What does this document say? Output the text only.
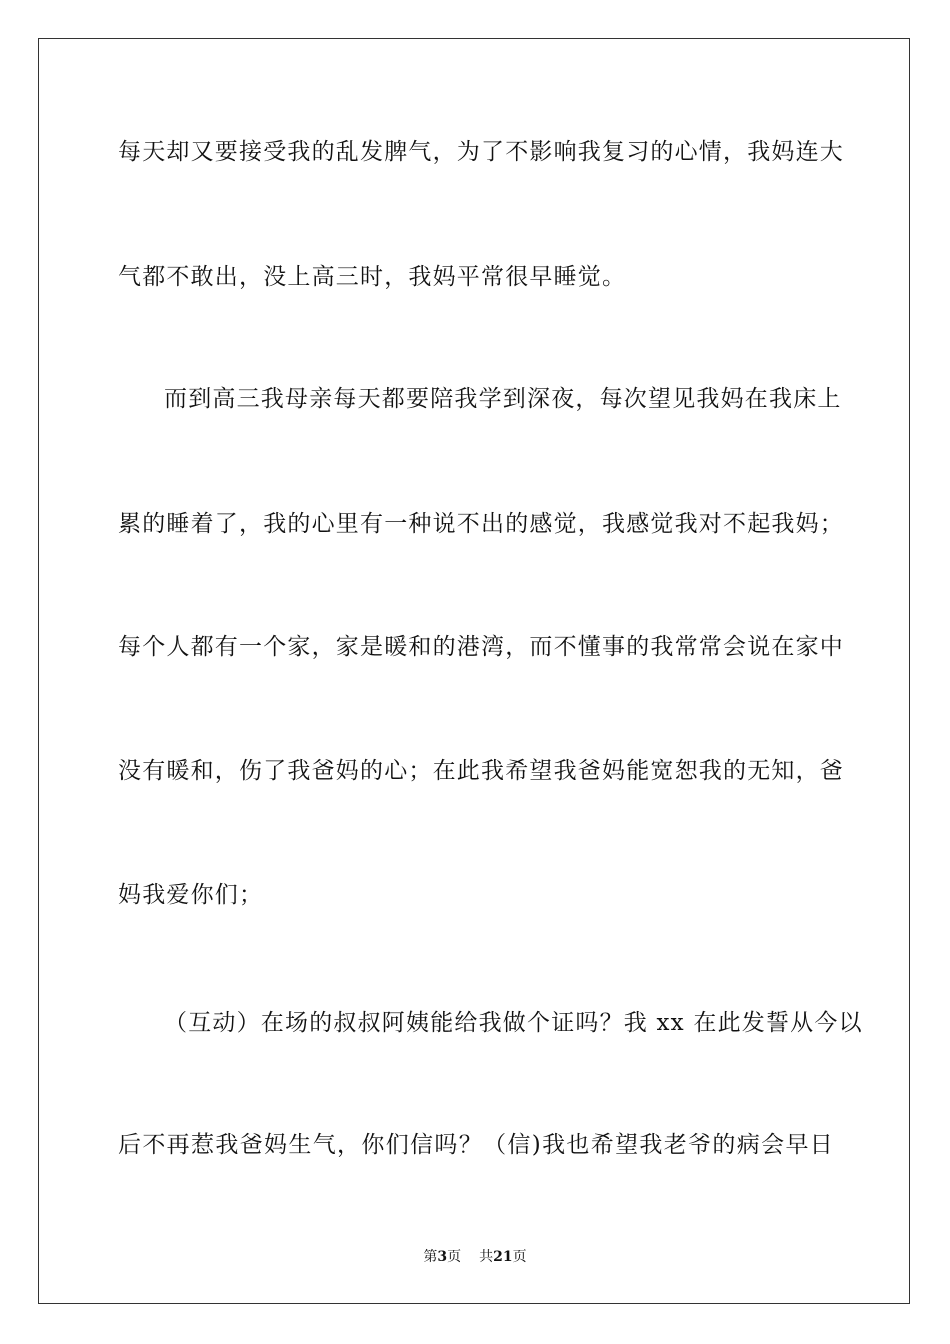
每天却又要接受我的乱发脾气，为了不影响我复习的心情，我妈连大
气都不敢出，没上高三时，我妈平常很早睡觉。
而到高三我母亲每天都要陪我学到深夜，每次望见我妈在我床上
累的睡着了，我的心里有一种说不出的感觉，我感觉我对不起我妈；
每个人都有一个家，家是暖和的港湾，而不懂事的我常常会说在家中
没有暖和，伤了我爸妈的心；在此我希望我爸妈能宽恕我的无知，爸
妈我爱你们；
（互动）在场的叔叔阿姨能给我做个证吗？我 xx 在此发誓从今以
后不再惹我爸妈生气，你们信吗？（信)我也希望我老爷的病会早日
第3页 共21页
